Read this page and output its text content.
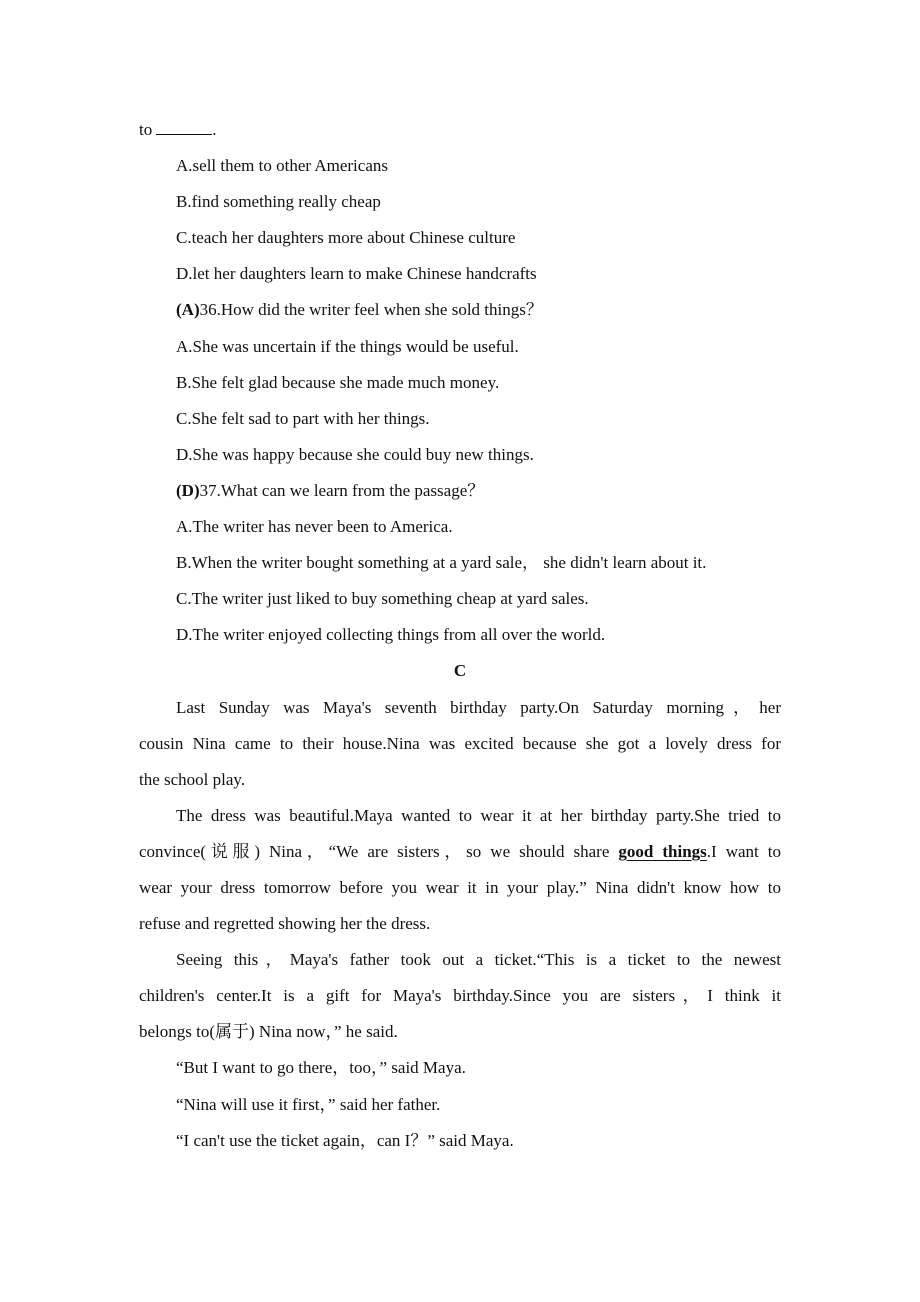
to	.
A.sell them to other Americans
B.find something really cheap
C.teach her daughters more about Chinese culture
D.let her daughters learn to make Chinese handcrafts
(A)36.How did the writer feel when she sold things？
A.She was uncertain if the things would be useful.
B.She felt glad because she made much money.
C.She felt sad to part with her things.
D.She was happy because she could buy new things.
(D)37.What can we learn from the passage？
A.The writer has never been to America.
B.When the writer bought something at a yard sale， she didn't learn about it.
C.The writer just liked to buy something cheap at yard sales.
D.The writer enjoyed collecting things from all over the world.
C
Last Sunday was Maya's seventh birthday party.On Saturday morning，her
cousin Nina came to their house.Nina was excited because she got a lovely dress for
the school play.
The dress was beautiful.Maya wanted to wear it at her birthday party.She tried to
convince(说服) Nina，“We are sisters，so we should share good things.I want to
wear your dress tomorrow before you wear it in your play.” Nina didn't know how to
refuse and regretted showing her the dress.
Seeing this，Maya's father took out a ticket.“This is a ticket to the newest
children's center.It is a gift for Maya's birthday.Since you are sisters，I think it
belongs to(属于) Nina now，” he said.
“But I want to go there，too，” said Maya.
“Nina will use it first，” said her father.
“I can't use the ticket again，can I？” said Maya.
